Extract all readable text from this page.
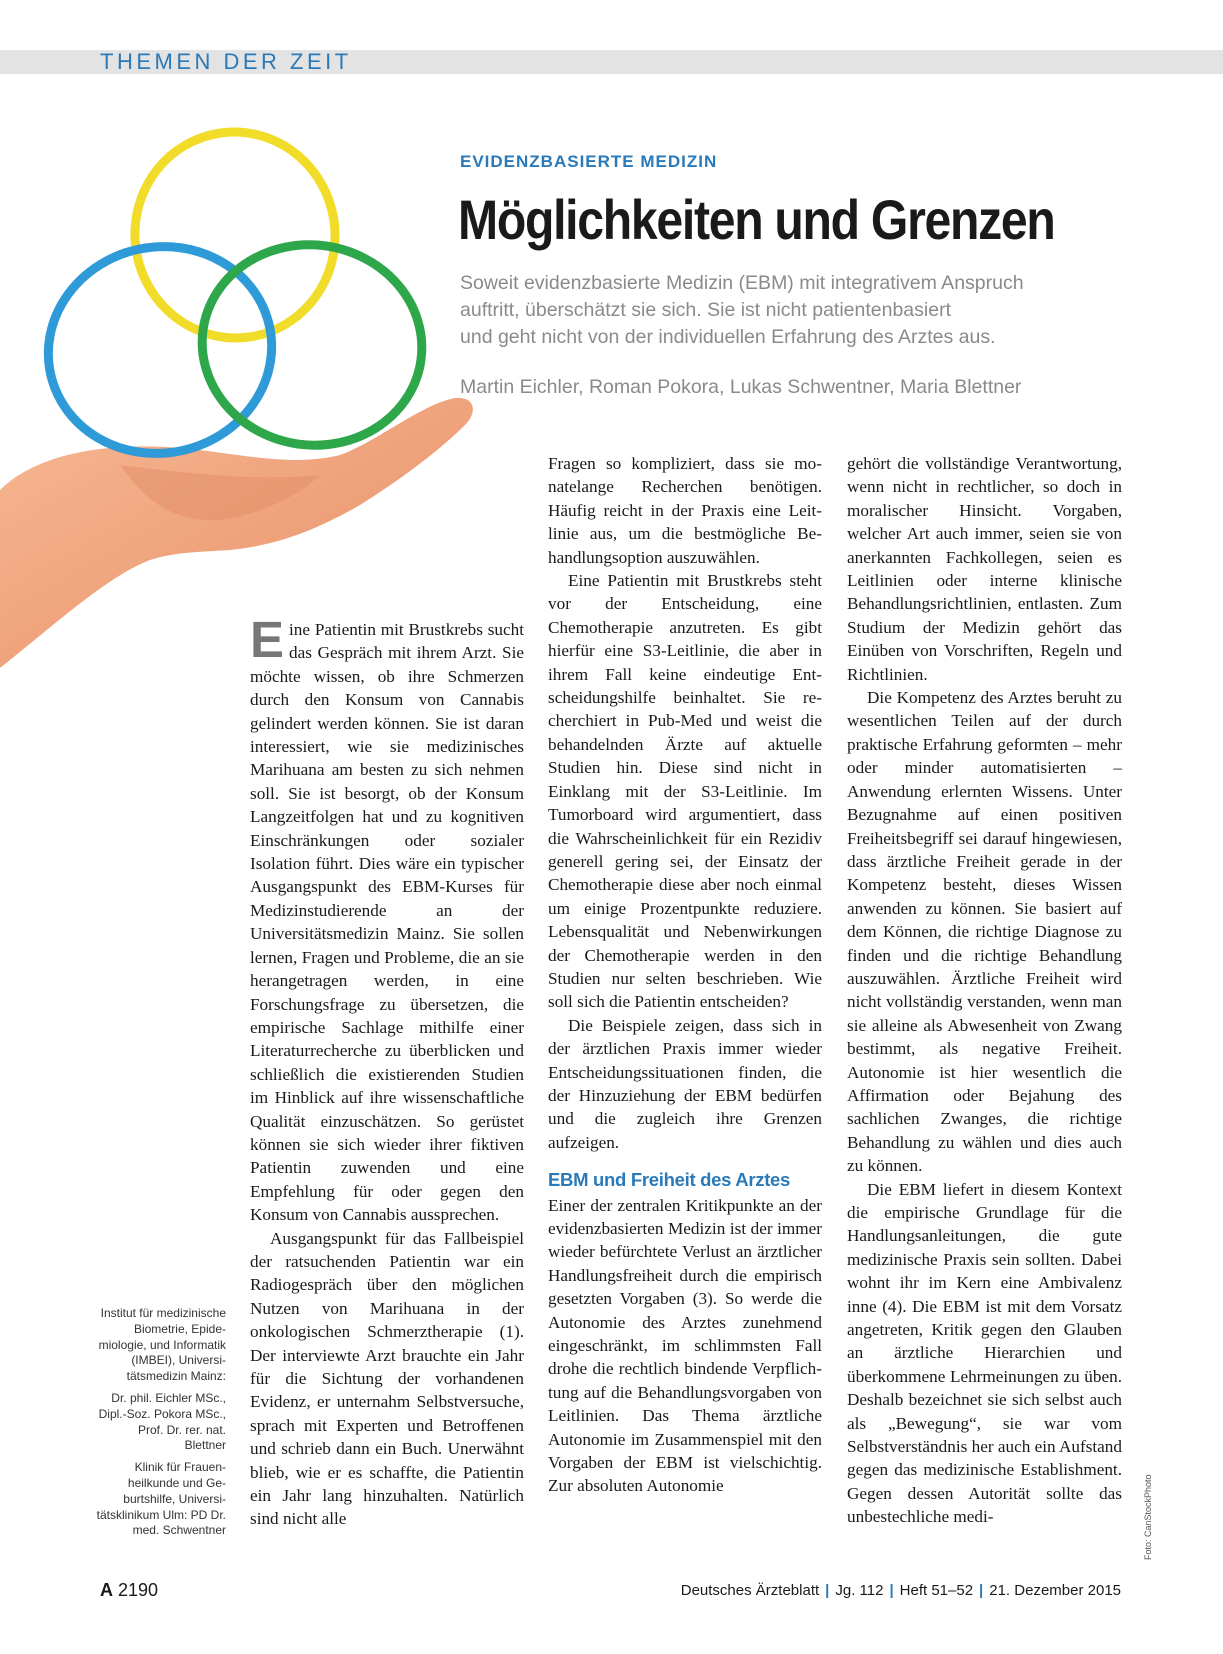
THEMEN DER ZEIT
EVIDENZBASIERTE MEDIZIN
Möglichkeiten und Grenzen
Soweit evidenzbasierte Medizin (EBM) mit integrativem Anspruch
auftritt, überschätzt sie sich. Sie ist nicht patientenbasiert
und geht nicht von der individuellen Erfahrung des Arztes aus.
Martin Eichler, Roman Pokora, Lukas Schwentner, Maria Blettner

Eine Patientin mit Brustkrebs sucht das Gespräch mit ihrem Arzt. Sie möchte wissen, ob ihre Schmerzen durch den Konsum von Cannabis gelindert werden können. Sie ist daran interessiert, wie sie medizinisches Marihuana am besten zu sich nehmen soll. Sie ist besorgt, ob der Konsum Langzeitfolgen hat und zu kognitiven Einschränkungen oder sozialer Isolation führt. Dies wäre ein typischer Ausgangspunkt des EBM-Kurses für Medizinstudierende an der Universitätsmedizin Mainz. Sie sollen lernen, Fragen und Probleme, die an sie herangetragen werden, in eine Forschungsfrage zu übersetzen, die empirische Sachlage mithilfe einer Literaturrecherche zu überblicken und schließlich die existierenden Studien im Hinblick auf ihre wissenschaftliche Qualität einzuschätzen. So gerüstet können sie sich wieder ihrer fiktiven Patientin zuwenden und eine Empfehlung für oder gegen den Konsum von Cannabis aussprechen.

Ausgangspunkt für das Fallbeispiel der ratsuchenden Patientin war ein Radiogespräch über den möglichen Nutzen von Marihuana in der onkologischen Schmerztherapie (1). Der interviewte Arzt brauchte ein Jahr für die Sichtung der vorhandenen Evidenz, er unternahm Selbstversuche, sprach mit Experten und Betroffenen und schrieb dann ein Buch. Unerwähnt blieb, wie er es schaffte, die Patientin ein Jahr lang hinzuhalten. Natürlich sind nicht alle

Fragen so kompliziert, dass sie monatelange Recherchen benötigen. Häufig reicht in der Praxis eine Leitlinie aus, um die bestmögliche Behandlungsoption auszuwählen.

Eine Patientin mit Brustkrebs steht vor der Entscheidung, eine Chemotherapie anzutreten. Es gibt hierfür eine S3-Leitlinie, die aber in ihrem Fall keine eindeutige Entscheidungshilfe beinhaltet. Sie recherchiert in Pub-Med und weist die behandelnden Ärzte auf aktuelle Studien hin. Diese sind nicht in Einklang mit der S3-Leitlinie. Im Tumorboard wird argumentiert, dass die Wahrscheinlichkeit für ein Rezidiv generell gering sei, der Einsatz der Chemotherapie diese aber noch einmal um einige Prozentpunkte reduziere. Lebensqualität und Nebenwirkungen der Chemotherapie werden in den Studien nur selten beschrieben. Wie soll sich die Patientin entscheiden?

Die Beispiele zeigen, dass sich in der ärztlichen Praxis immer wieder Entscheidungssituationen finden, die der Hinzuziehung der EBM bedürfen und die zugleich ihre Grenzen aufzeigen.

EBM und Freiheit des Arztes

Einer der zentralen Kritikpunkte an der evidenzbasierten Medizin ist der immer wieder befürchtete Verlust an ärztlicher Handlungsfreiheit durch die empirisch gesetzten Vorgaben (3). So werde die Autonomie des Arztes zunehmend eingeschränkt, im schlimmsten Fall drohe die rechtlich bindende Verpflichtung auf die Behandlungsvorgaben von Leitlinien. Das Thema ärztliche Autonomie im Zusammenspiel mit den Vorgaben der EBM ist vielschichtig. Zur absoluten Autonomie

gehört die vollständige Verantwortung, wenn nicht in rechtlicher, so doch in moralischer Hinsicht. Vorgaben, welcher Art auch immer, seien sie von anerkannten Fachkollegen, seien es Leitlinien oder interne klinische Behandlungsrichtlinien, entlasten. Zum Studium der Medizin gehört das Einüben von Vorschriften, Regeln und Richtlinien.

Die Kompetenz des Arztes beruht zu wesentlichen Teilen auf der durch praktische Erfahrung geformten – mehr oder minder automatisierten – Anwendung erlernten Wissens. Unter Bezugnahme auf einen positiven Freiheitsbegriff sei darauf hingewiesen, dass ärztliche Freiheit gerade in der Kompetenz besteht, dieses Wissen anwenden zu können. Sie basiert auf dem Können, die richtige Diagnose zu finden und die richtige Behandlung auszuwählen. Ärztliche Freiheit wird nicht vollständig verstanden, wenn man sie alleine als Abwesenheit von Zwang bestimmt, als negative Freiheit. Autonomie ist hier wesentlich die Affirmation oder Bejahung des sachlichen Zwanges, die richtige Behandlung zu wählen und dies auch zu können.

Die EBM liefert in diesem Kontext die empirische Grundlage für die Handlungsanleitungen, die gute medizinische Praxis sein sollten. Dabei wohnt ihr im Kern eine Ambivalenz inne (4). Die EBM ist mit dem Vorsatz angetreten, Kritik gegen den Glauben an ärztliche Hierarchien und überkommene Lehrmeinungen zu üben. Deshalb bezeichnet sie sich selbst auch als „Bewegung“, sie war vom Selbstverständnis her auch ein Aufstand gegen das medizinische Establishment. Gegen dessen Autorität sollte das unbestechliche medi-

Institut für medizinische Biometrie, Epidemiologie, und Informatik (IMBEI), Universitätsmedizin Mainz:

Dr. phil. Eichler MSc., Dipl.-Soz. Pokora MSc., Prof. Dr. rer. nat. Blettner

Klinik für Frauenheilkunde und Geburtshilfe, Universitätsklinikum Ulm: PD Dr. med. Schwentner	Foto: CanStockPhoto
A 2190	Deutsches Ärzteblatt | Jg. 112 | Heft 51–52 | 21. Dezember 2015
